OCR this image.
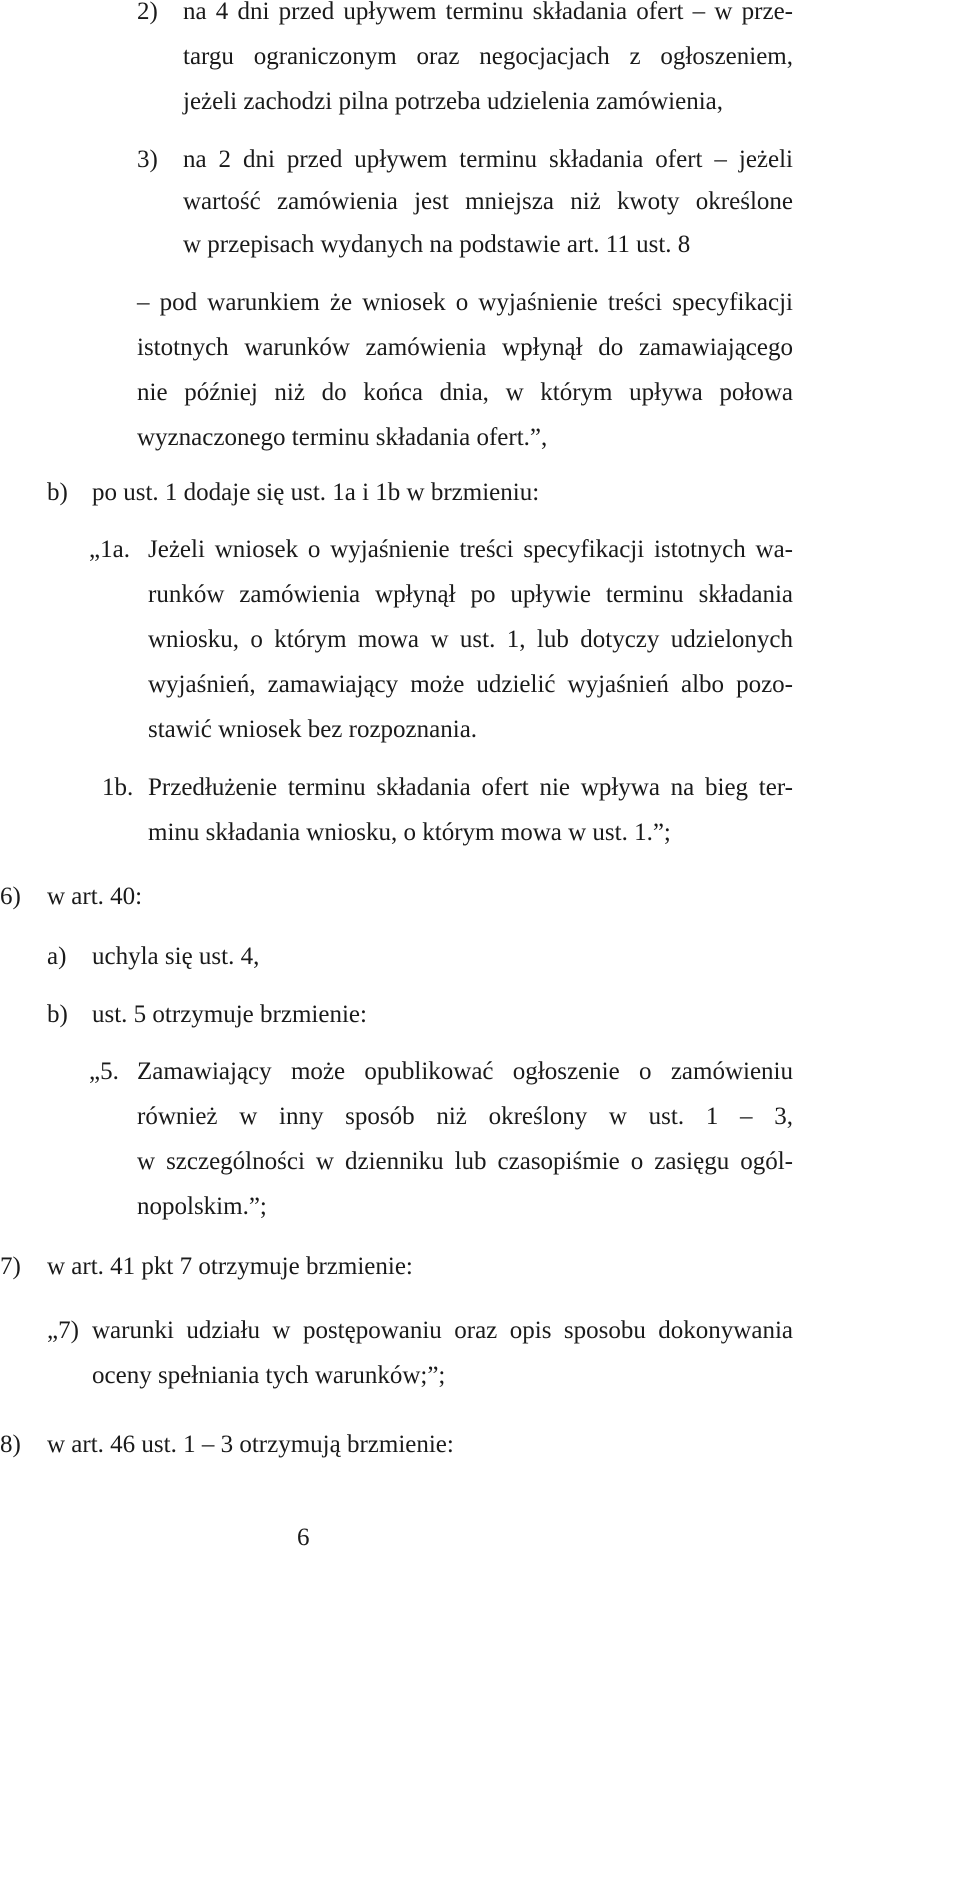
2) na 4 dni przed upływem terminu składania ofert – w prze-
targu ograniczonym oraz negocjacjach z ogłoszeniem,
jeżeli zachodzi pilna potrzeba udzielenia zamówienia,
3) na 2 dni przed upływem terminu składania ofert – jeżeli
wartość zamówienia jest mniejsza niż kwoty określone
w przepisach wydanych na podstawie art. 11 ust. 8
– pod warunkiem że wniosek o wyjaśnienie treści specyfikacji
istotnych warunków zamówienia wpłynął do zamawiającego
nie później niż do końca dnia, w którym upływa połowa
wyznaczonego terminu składania ofert.”,
b) po ust. 1 dodaje się ust. 1a i 1b w brzmieniu:
„1a. Jeżeli wniosek o wyjaśnienie treści specyfikacji istotnych wa-
runków zamówienia wpłynął po upływie terminu składania
wniosku, o którym mowa w ust. 1, lub dotyczy udzielonych
wyjaśnień, zamawiający może udzielić wyjaśnień albo pozo-
stawić wniosek bez rozpoznania.
1b. Przedłużenie terminu składania ofert nie wpływa na bieg ter-
minu składania wniosku, o którym mowa w ust. 1.”;
6) w art. 40:
a) uchyla się ust. 4,
b) ust. 5 otrzymuje brzmienie:
„5. Zamawiający może opublikować ogłoszenie o zamówieniu
również w inny sposób niż określony w ust. 1 – 3,
w szczególności w dzienniku lub czasopiśmie o zasięgu ogól-
nopolskim.”;
7) w art. 41 pkt 7 otrzymuje brzmienie:
„7) warunki udziału w postępowaniu oraz opis sposobu dokonywania
oceny spełniania tych warunków;”;
8) w art. 46 ust. 1 – 3 otrzymują brzmienie:
6
